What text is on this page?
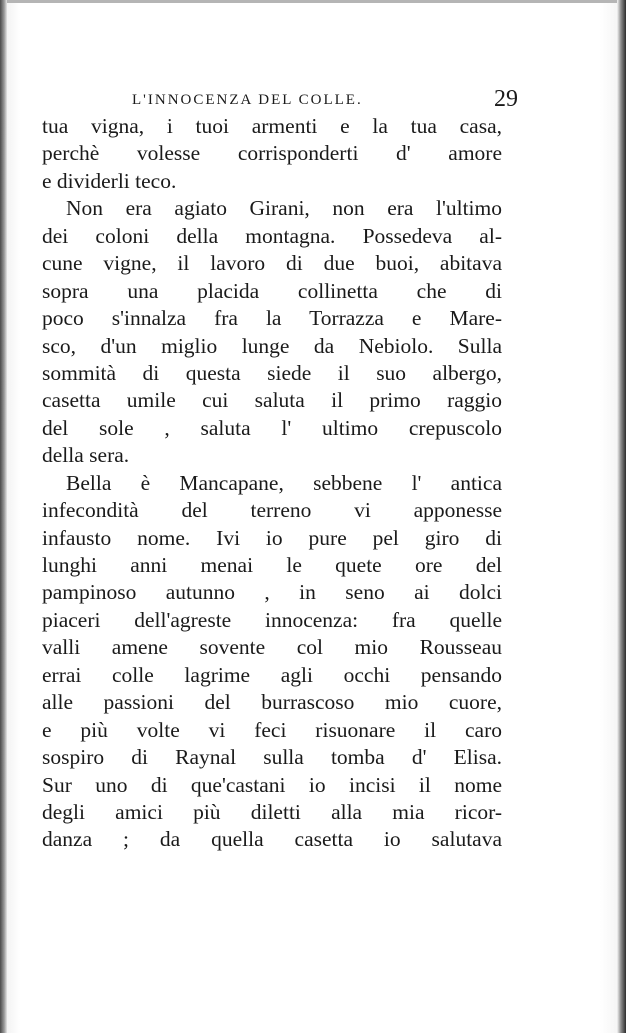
L'INNOCENZA DEL COLLE.	29
tua vigna, i tuoi armenti e la tua casa,
perchè volesse corrisponderti d' amore
e dividerli teco.
Non era agiato Girani, non era l'ultimo
dei coloni della montagna. Possedeva al-
cune vigne, il lavoro di due buoi, abitava
sopra una placida collinetta che di
poco s'innalza fra la Torrazza e Mare-
sco, d'un miglio lunge da Nebiolo. Sulla
sommità di questa siede il suo albergo,
casetta umile cui saluta il primo raggio
del sole , saluta l' ultimo crepuscolo
della sera.
Bella è Mancapane, sebbene l' antica
infecondità del terreno vi apponesse
infausto nome. Ivi io pure pel giro di
lunghi anni menai le quete ore del
pampinoso autunno , in seno ai dolci
piaceri dell'agreste innocenza: fra quelle
valli amene sovente col mio Rousseau
errai colle lagrime agli occhi pensando
alle passioni del burrascoso mio cuore,
e più volte vi feci risuonare il caro
sospiro di Raynal sulla tomba d' Elisa.
Sur uno di que'castani io incisi il nome
degli amici più diletti alla mia ricor-
danza ; da quella casetta io salutava
